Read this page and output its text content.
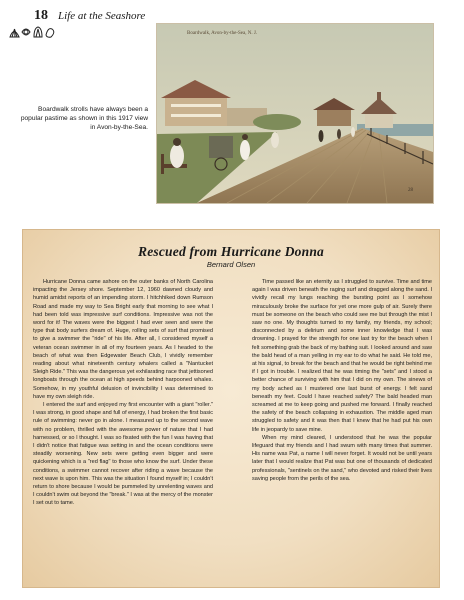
18 Life at the Seashore
Boardwalk, Avon-by-the-Sea, N. J.
28
Boardwalk strolls have always been a popular pastime as shown in this 1917 view in Avon-by-the-Sea.
Rescued from Hurricane Donna
Bernard Olsen

Hurricane Donna came ashore on the outer banks of North Carolina impacting the Jersey shore. September 12, 1960 dawned cloudy and humid amidst reports of an impending storm. I hitchhiked down Rumson Road and made my way to Sea Bright early that morning to see what I had been told was impressive surf conditions. Impressive was not the word for it! The waves were the biggest I had ever seen and were the type that body surfers dream of. Huge, rolling sets of surf that promised to give a swimmer the "ride" of his life. After all, I considered myself a veteran ocean swimmer in all of my fourteen years. As I headed to the beach of what was then Edgewater Beach Club, I vividly remember reading about what nineteenth century whalers called a "Nantucket Sleigh Ride." This was the dangerous yet exhilarating race that jettisoned longboats through the ocean at high speeds behind harpooned whales. Somehow, in my youthful delusion of invincibility I was determined to have my own sleigh ride.

I entered the surf and enjoyed my first encounter with a giant "roller." I was strong, in good shape and full of energy, I had broken the first basic rule of swimming: never go in alone. I measured up to the second wave with no problem, thrilled with the awesome power of nature that I had harnessed, or so I thought. I was so fixated with the fun I was having that I didn't notice that fatigue was setting in and the ocean conditions were steadily worsening. New sets were getting even bigger and were quickening which is a "red flag" to those who know the surf. Under these conditions, a swimmer cannot recover after riding a wave because the next wave is upon him. This was the situation I found myself in; I couldn't return to shore because I would be pummeled by unrelenting waves and I couldn't swim out beyond the "break." I was at the mercy of the monster I set out to tame.

Time passed like an eternity as I struggled to survive. Time and time again I was driven beneath the raging surf and dragged along the sand. I vividly recall my lungs reaching the bursting point as I somehow miraculously broke the surface for yet one more gulp of air. Surely there must be someone on the beach who could see me but through the mist I saw no one. My thoughts turned to my family, my friends, my school; disconnected by a delirium and some inner knowledge that I was drowning. I prayed for the strength for one last try for the beach when I felt something grab the back of my bathing suit. I looked around and saw the bald head of a man yelling in my ear to do what he said. He told me, at his signal, to break for the beach and that he would be right behind me if I got in trouble. I realized that he was timing the "sets" and I stood a better chance of surviving with him that I did on my own. The sinews of my body ached as I mustered one last burst of energy. I felt sand beneath my feet. Could I have reached safety? The bald headed man screamed at me to keep going and pushed me forward. I finally reached the safety of the beach collapsing in exhaustion. The middle aged man struggled to safety and it was then that I knew that he had put his own life in jeopardy to save mine.

When my mind cleared, I understood that he was the popular lifeguard that my friends and I had swum with many times that summer. His name was Pat, a name I will never forget. It would not be until years later that I would realize that Pat was but one of thousands of dedicated professionals, "sentinels on the sand," who devoted and risked their lives saving people from the perils of the sea.
